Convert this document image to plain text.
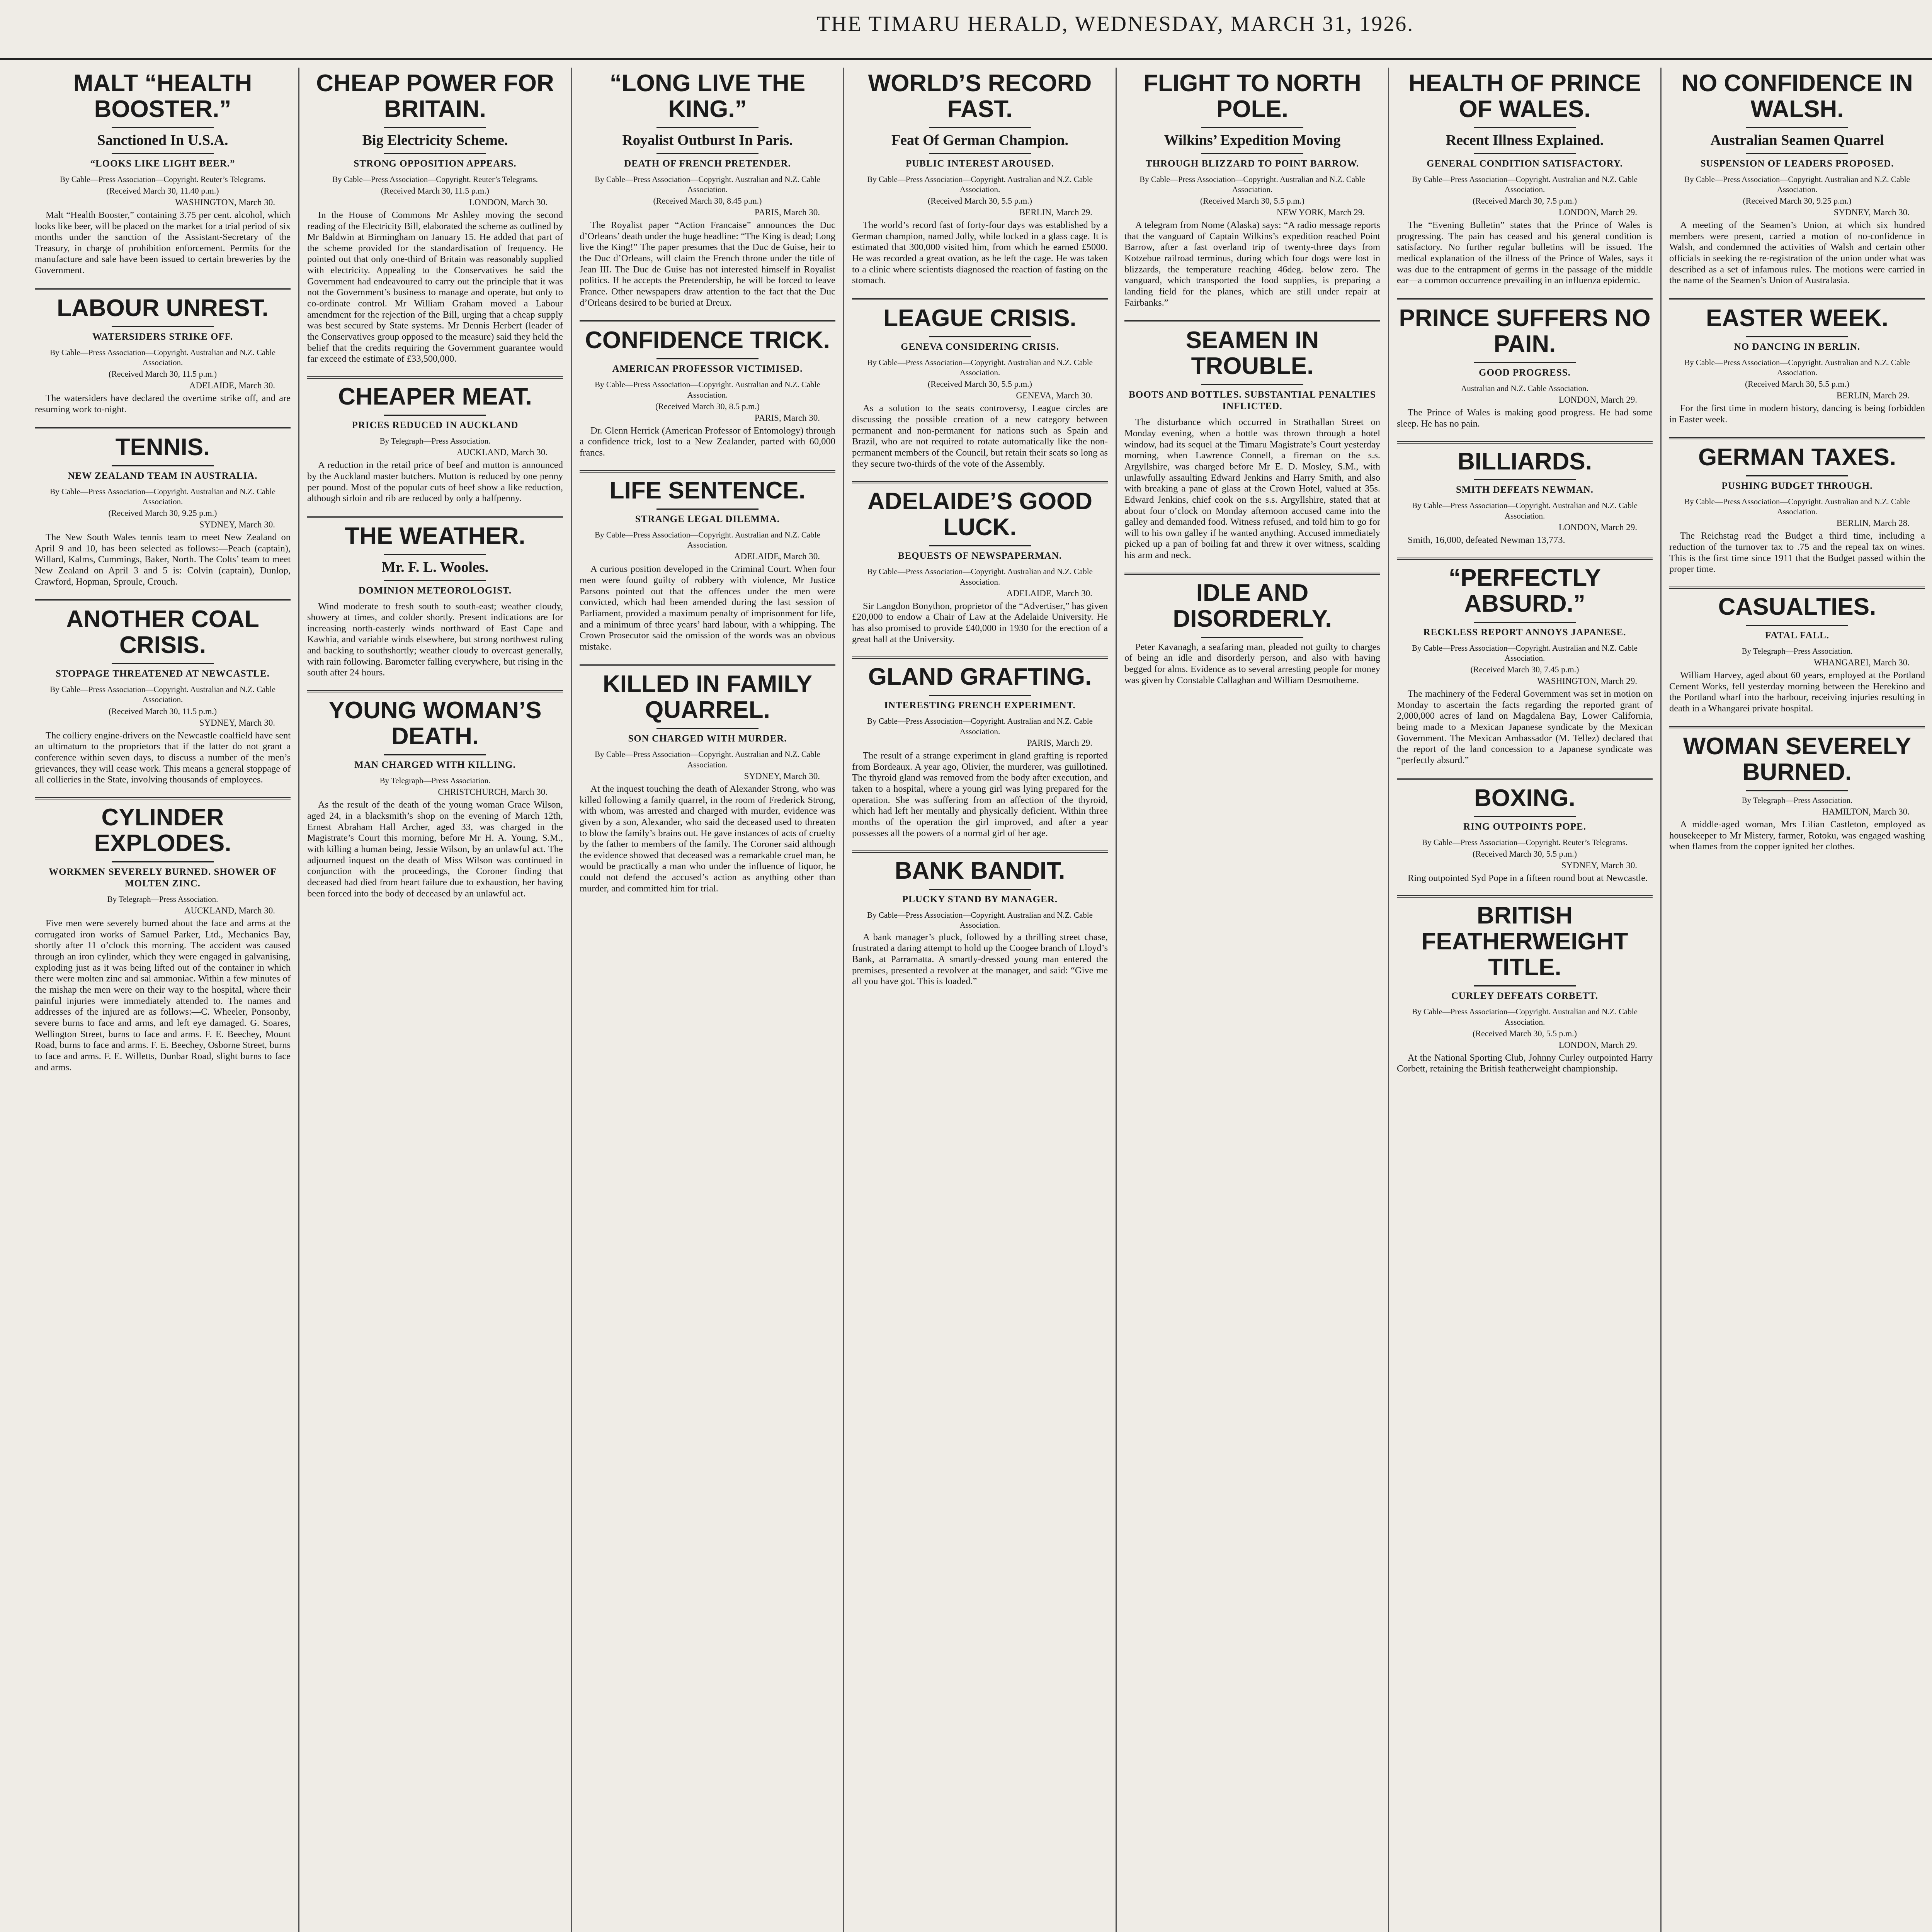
THE TIMARU HERALD, WEDNESDAY, MARCH 31, 1926.
MALT “HEALTH BOOSTER.”
Sanctioned In U.S.A.
“LOOKS LIKE LIGHT BEER.”
By Cable—Press Association—Copyright. Reuter’s Telegrams.
(Received March 30, 11.40 p.m.)
WASHINGTON, March 30.
Malt “Health Booster,” containing 3.75 per cent. alcohol, which looks like beer, will be placed on the market for a trial period of six months under the sanction of the Assistant-Secretary of the Treasury, in charge of prohibition enforcement. Permits for the manufacture and sale have been issued to certain breweries by the Government.
LABOUR UNREST.
WATERSIDERS STRIKE OFF.
By Cable—Press Association—Copyright. Australian and N.Z. Cable Association.
(Received March 30, 11.5 p.m.)
ADELAIDE, March 30.
The watersiders have declared the overtime strike off, and are resuming work to-night.
TENNIS.
NEW ZEALAND TEAM IN AUSTRALIA.
By Cable—Press Association—Copyright. Australian and N.Z. Cable Association.
(Received March 30, 9.25 p.m.)
SYDNEY, March 30.
The New South Wales tennis team to meet New Zealand on April 9 and 10, has been selected as follows:—Peach (captain), Willard, Kalms, Cummings, Baker, North. The Colts’ team to meet New Zealand on April 3 and 5 is: Colvin (captain), Dunlop, Crawford, Hopman, Sproule, Crouch.
ANOTHER COAL CRISIS.
STOPPAGE THREATENED AT NEWCASTLE.
By Cable—Press Association—Copyright. Australian and N.Z. Cable Association.
(Received March 30, 11.5 p.m.)
SYDNEY, March 30.
The colliery engine-drivers on the Newcastle coalfield have sent an ultimatum to the proprietors that if the latter do not grant a conference within seven days, to discuss a number of the men’s grievances, they will cease work. This means a general stoppage of all collieries in the State, involving thousands of employees.
CYLINDER EXPLODES.
WORKMEN SEVERELY BURNED. SHOWER OF MOLTEN ZINC.
By Telegraph—Press Association.
AUCKLAND, March 30.
Five men were severely burned about the face and arms at the corrugated iron works of Samuel Parker, Ltd., Mechanics Bay, shortly after 11 o’clock this morning. The accident was caused through an iron cylinder, which they were engaged in galvanising, exploding just as it was being lifted out of the container in which there were molten zinc and sal ammoniac. Within a few minutes of the mishap the men were on their way to the hospital, where their painful injuries were immediately attended to. The names and addresses of the injured are as follows:—C. Wheeler, Ponsonby, severe burns to face and arms, and left eye damaged. G. Soares, Wellington Street, burns to face and arms. F. E. Beechey, Mount Road, burns to face and arms. F. E. Beechey, Osborne Street, burns to face and arms. F. E. Willetts, Dunbar Road, slight burns to face and arms.
CHEAP POWER FOR BRITAIN.
Big Electricity Scheme.
STRONG OPPOSITION APPEARS.
By Cable—Press Association—Copyright. Reuter’s Telegrams.
(Received March 30, 11.5 p.m.)
LONDON, March 30.
In the House of Commons Mr Ashley moving the second reading of the Electricity Bill, elaborated the scheme as outlined by Mr Baldwin at Birmingham on January 15. He added that part of the scheme provided for the standardisation of frequency. He pointed out that only one-third of Britain was reasonably supplied with electricity. Appealing to the Conservatives he said the Government had endeavoured to carry out the principle that it was not the Government’s business to manage and operate, but only to co-ordinate control. Mr William Graham moved a Labour amendment for the rejection of the Bill, urging that a cheap supply was best secured by State systems. Mr Dennis Herbert (leader of the Conservatives group opposed to the measure) said they held the belief that the credits requiring the Government guarantee would far exceed the estimate of £33,500,000.
CHEAPER MEAT.
PRICES REDUCED IN AUCKLAND
By Telegraph—Press Association.
AUCKLAND, March 30.
A reduction in the retail price of beef and mutton is announced by the Auckland master butchers. Mutton is reduced by one penny per pound. Most of the popular cuts of beef show a like reduction, although sirloin and rib are reduced by only a halfpenny.
THE WEATHER.
Mr. F. L. Wooles.
DOMINION METEOROLOGIST.
Wind moderate to fresh south to south-east; weather cloudy, showery at times, and colder shortly. Present indications are for increasing north-easterly winds northward of East Cape and Kawhia, and variable winds elsewhere, but strong northwest ruling and backing to southshortly; weather cloudy to overcast generally, with rain following. Barometer falling everywhere, but rising in the south after 24 hours.
YOUNG WOMAN’S DEATH.
MAN CHARGED WITH KILLING.
By Telegraph—Press Association.
CHRISTCHURCH, March 30.
As the result of the death of the young woman Grace Wilson, aged 24, in a blacksmith’s shop on the evening of March 12th, Ernest Abraham Hall Archer, aged 33, was charged in the Magistrate’s Court this morning, before Mr H. A. Young, S.M., with killing a human being, Jessie Wilson, by an unlawful act. The adjourned inquest on the death of Miss Wilson was continued in conjunction with the proceedings, the Coroner finding that deceased had died from heart failure due to exhaustion, her having been forced into the body of deceased by an unlawful act.
“LONG LIVE THE KING.”
Royalist Outburst In Paris.
DEATH OF FRENCH PRETENDER.
By Cable—Press Association—Copyright. Australian and N.Z. Cable Association.
(Received March 30, 8.45 p.m.)
PARIS, March 30.
The Royalist paper “Action Francaise” announces the Duc d’Orleans’ death under the huge headline: “The King is dead; Long live the King!” The paper presumes that the Duc de Guise, heir to the Duc d’Orleans, will claim the French throne under the title of Jean III. The Duc de Guise has not interested himself in Royalist politics. If he accepts the Pretendership, he will be forced to leave France. Other newspapers draw attention to the fact that the Duc d’Orleans desired to be buried at Dreux.
CONFIDENCE TRICK.
AMERICAN PROFESSOR VICTIMISED.
By Cable—Press Association—Copyright. Australian and N.Z. Cable Association.
(Received March 30, 8.5 p.m.)
PARIS, March 30.
Dr. Glenn Herrick (American Professor of Entomology) through a confidence trick, lost to a New Zealander, parted with 60,000 francs.
LIFE SENTENCE.
STRANGE LEGAL DILEMMA.
By Cable—Press Association—Copyright. Australian and N.Z. Cable Association.
ADELAIDE, March 30.
A curious position developed in the Criminal Court. When four men were found guilty of robbery with violence, Mr Justice Parsons pointed out that the offences under the men were convicted, which had been amended during the last session of Parliament, provided a maximum penalty of imprisonment for life, and a minimum of three years’ hard labour, with a whipping. The Crown Prosecutor said the omission of the words was an obvious mistake.
KILLED IN FAMILY QUARREL.
SON CHARGED WITH MURDER.
By Cable—Press Association—Copyright. Australian and N.Z. Cable Association.
SYDNEY, March 30.
At the inquest touching the death of Alexander Strong, who was killed following a family quarrel, in the room of Frederick Strong, with whom, was arrested and charged with murder, evidence was given by a son, Alexander, who said the deceased used to threaten to blow the family’s brains out. He gave instances of acts of cruelty by the father to members of the family. The Coroner said although the evidence showed that deceased was a remarkable cruel man, he would be practically a man who under the influence of liquor, he could not defend the accused’s action as anything other than murder, and committed him for trial.
WORLD’S RECORD FAST.
Feat Of German Champion.
PUBLIC INTEREST AROUSED.
By Cable—Press Association—Copyright. Australian and N.Z. Cable Association.
(Received March 30, 5.5 p.m.)
BERLIN, March 29.
The world’s record fast of forty-four days was established by a German champion, named Jolly, while locked in a glass cage. It is estimated that 300,000 visited him, from which he earned £5000. He was recorded a great ovation, as he left the cage. He was taken to a clinic where scientists diagnosed the reaction of fasting on the stomach.
LEAGUE CRISIS.
GENEVA CONSIDERING CRISIS.
By Cable—Press Association—Copyright. Australian and N.Z. Cable Association.
(Received March 30, 5.5 p.m.)
GENEVA, March 30.
As a solution to the seats controversy, League circles are discussing the possible creation of a new category between permanent and non-permanent for nations such as Spain and Brazil, who are not required to rotate automatically like the non-permanent members of the Council, but retain their seats so long as they secure two-thirds of the vote of the Assembly.
ADELAIDE’S GOOD LUCK.
BEQUESTS OF NEWSPAPERMAN.
By Cable—Press Association—Copyright. Australian and N.Z. Cable Association.
ADELAIDE, March 30.
Sir Langdon Bonython, proprietor of the “Advertiser,” has given £20,000 to endow a Chair of Law at the Adelaide University. He has also promised to provide £40,000 in 1930 for the erection of a great hall at the University.
GLAND GRAFTING.
INTERESTING FRENCH EXPERIMENT.
By Cable—Press Association—Copyright. Australian and N.Z. Cable Association.
PARIS, March 29.
The result of a strange experiment in gland grafting is reported from Bordeaux. A year ago, Olivier, the murderer, was guillotined. The thyroid gland was removed from the body after execution, and taken to a hospital, where a young girl was lying prepared for the operation. She was suffering from an affection of the thyroid, which had left her mentally and physically deficient. Within three months of the operation the girl improved, and after a year possesses all the powers of a normal girl of her age.
BANK BANDIT.
PLUCKY STAND BY MANAGER.
By Cable—Press Association—Copyright. Australian and N.Z. Cable Association.
A bank manager’s pluck, followed by a thrilling street chase, frustrated a daring attempt to hold up the Coogee branch of Lloyd’s Bank, at Parramatta. A smartly-dressed young man entered the premises, presented a revolver at the manager, and said: “Give me all you have got. This is loaded.”
FLIGHT TO NORTH POLE.
Wilkins’ Expedition Moving
THROUGH BLIZZARD TO POINT BARROW.
By Cable—Press Association—Copyright. Australian and N.Z. Cable Association.
(Received March 30, 5.5 p.m.)
NEW YORK, March 29.
A telegram from Nome (Alaska) says: “A radio message reports that the vanguard of Captain Wilkins’s expedition reached Point Barrow, after a fast overland trip of twenty-three days from Kotzebue railroad terminus, during which four dogs were lost in blizzards, the temperature reaching 46deg. below zero. The vanguard, which transported the food supplies, is preparing a landing field for the planes, which are still under repair at Fairbanks.”
SEAMEN IN TROUBLE.
BOOTS AND BOTTLES. SUBSTANTIAL PENALTIES INFLICTED.
The disturbance which occurred in Strathallan Street on Monday evening, when a bottle was thrown through a hotel window, had its sequel at the Timaru Magistrate’s Court yesterday morning, when Lawrence Connell, a fireman on the s.s. Argyllshire, was charged before Mr E. D. Mosley, S.M., with unlawfully assaulting Edward Jenkins and Harry Smith, and also with breaking a pane of glass at the Crown Hotel, valued at 35s. Edward Jenkins, chief cook on the s.s. Argyllshire, stated that at about four o’clock on Monday afternoon accused came into the galley and demanded food. Witness refused, and told him to go for will to his own galley if he wanted anything. Accused immediately picked up a pan of boiling fat and threw it over witness, scalding his arm and neck.
IDLE AND DISORDERLY.
Peter Kavanagh, a seafaring man, pleaded not guilty to charges of being an idle and disorderly person, and also with having begged for alms. Evidence as to several arresting people for money was given by Constable Callaghan and William Desmotheme.
HEALTH OF PRINCE OF WALES.
Recent Illness Explained.
GENERAL CONDITION SATISFACTORY.
By Cable—Press Association—Copyright. Australian and N.Z. Cable Association.
(Received March 30, 7.5 p.m.)
LONDON, March 29.
The “Evening Bulletin” states that the Prince of Wales is progressing. The pain has ceased and his general condition is satisfactory. No further regular bulletins will be issued. The medical explanation of the illness of the Prince of Wales, says it was due to the entrapment of germs in the passage of the middle ear—a common occurrence prevailing in an influenza epidemic.
PRINCE SUFFERS NO PAIN.
GOOD PROGRESS.
Australian and N.Z. Cable Association.
LONDON, March 29.
The Prince of Wales is making good progress. He had some sleep. He has no pain.
BILLIARDS.
SMITH DEFEATS NEWMAN.
By Cable—Press Association—Copyright. Australian and N.Z. Cable Association.
LONDON, March 29.
Smith, 16,000, defeated Newman 13,773.
“PERFECTLY ABSURD.”
RECKLESS REPORT ANNOYS JAPANESE.
By Cable—Press Association—Copyright. Australian and N.Z. Cable Association.
(Received March 30, 7.45 p.m.)
WASHINGTON, March 29.
The machinery of the Federal Government was set in motion on Monday to ascertain the facts regarding the reported grant of 2,000,000 acres of land on Magdalena Bay, Lower California, being made to a Mexican Japanese syndicate by the Mexican Government. The Mexican Ambassador (M. Tellez) declared that the report of the land concession to a Japanese syndicate was “perfectly absurd.”
BOXING.
RING OUTPOINTS POPE.
By Cable—Press Association—Copyright. Reuter’s Telegrams.
(Received March 30, 5.5 p.m.)
SYDNEY, March 30.
Ring outpointed Syd Pope in a fifteen round bout at Newcastle.
BRITISH FEATHERWEIGHT TITLE.
CURLEY DEFEATS CORBETT.
By Cable—Press Association—Copyright. Australian and N.Z. Cable Association.
(Received March 30, 5.5 p.m.)
LONDON, March 29.
At the National Sporting Club, Johnny Curley outpointed Harry Corbett, retaining the British featherweight championship.
NO CONFIDENCE IN WALSH.
Australian Seamen Quarrel
SUSPENSION OF LEADERS PROPOSED.
By Cable—Press Association—Copyright. Australian and N.Z. Cable Association.
(Received March 30, 9.25 p.m.)
SYDNEY, March 30.
A meeting of the Seamen’s Union, at which six hundred members were present, carried a motion of no-confidence in Walsh, and condemned the activities of Walsh and certain other officials in seeking the re-registration of the union under what was described as a set of infamous rules. The motions were carried in the name of the Seamen’s Union of Australasia.
EASTER WEEK.
NO DANCING IN BERLIN.
By Cable—Press Association—Copyright. Australian and N.Z. Cable Association.
(Received March 30, 5.5 p.m.)
BERLIN, March 29.
For the first time in modern history, dancing is being forbidden in Easter week.
GERMAN TAXES.
PUSHING BUDGET THROUGH.
By Cable—Press Association—Copyright. Australian and N.Z. Cable Association.
BERLIN, March 28.
The Reichstag read the Budget a third time, including a reduction of the turnover tax to .75 and the repeal tax on wines. This is the first time since 1911 that the Budget passed within the proper time.
CASUALTIES.
FATAL FALL.
By Telegraph—Press Association.
WHANGAREI, March 30.
William Harvey, aged about 60 years, employed at the Portland Cement Works, fell yesterday morning between the Herekino and the Portland wharf into the harbour, receiving injuries resulting in death in a Whangarei private hospital.
WOMAN SEVERELY BURNED.
By Telegraph—Press Association.
HAMILTON, March 30.
A middle-aged woman, Mrs Lilian Castleton, employed as housekeeper to Mr Mistery, farmer, Rotoku, was engaged washing when flames from the copper ignited her clothes.
